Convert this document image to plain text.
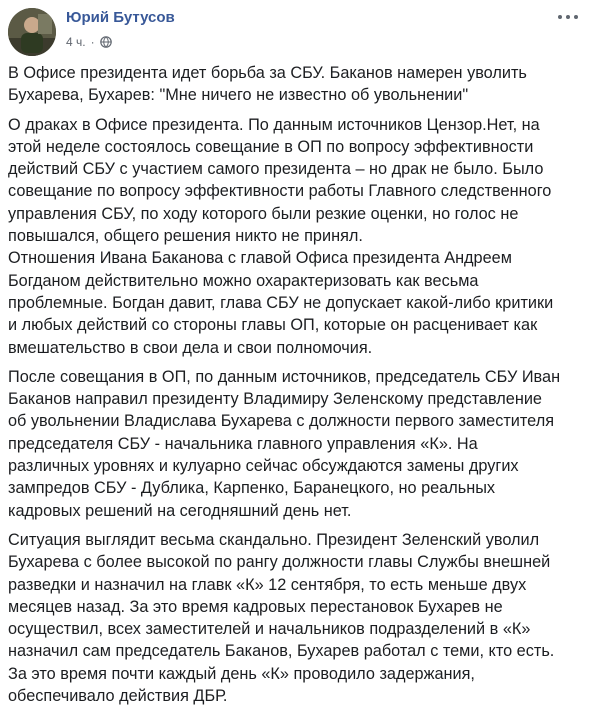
Юрий Бутусов
4 ч. ·

В Офисе президента идет борьба за СБУ. Баканов намерен уволить
Бухарева, Бухарев: "Мне ничего не известно об увольнении"

О драках в Офисе президента. По данным источников Цензор.Нет, на
этой неделе состоялось совещание в ОП по вопросу эффективности
действий СБУ с участием самого президента – но драк не было. Было
совещание по вопросу эффективности работы Главного следственного
управления СБУ, по ходу которого были резкие оценки, но голос не
повышался, общего решения никто не принял.
Отношения Ивана Баканова с главой Офиса президента Андреем
Богданом действительно можно охарактеризовать как весьма
проблемные. Богдан давит, глава СБУ не допускает какой-либо критики
и любых действий со стороны главы ОП, которые он расценивает как
вмешательство в свои дела и свои полномочия.

После совещания в ОП, по данным источников, председатель СБУ Иван
Баканов направил президенту Владимиру Зеленскому представление
об увольнении Владислава Бухарева с должности первого заместителя
председателя СБУ - начальника главного управления «К». На
различных уровнях и кулуарно сейчас обсуждаются замены других
зампредов СБУ - Дублика, Карпенко, Баранецкого, но реальных
кадровых решений на сегодняшний день нет.

Ситуация выглядит весьма скандально. Президент Зеленский уволил
Бухарева с более высокой по рангу должности главы Службы внешней
разведки и назначил на главк «К» 12 сентября, то есть меньше двух
месяцев назад. За это время кадровых перестановок Бухарев не
осуществил, всех заместителей и начальников подразделений в «К»
назначил сам председатель Баканов, Бухарев работал с теми, кто есть.
За это время почти каждый день «К» проводило задержания,
обеспечивало действия ДБР.
